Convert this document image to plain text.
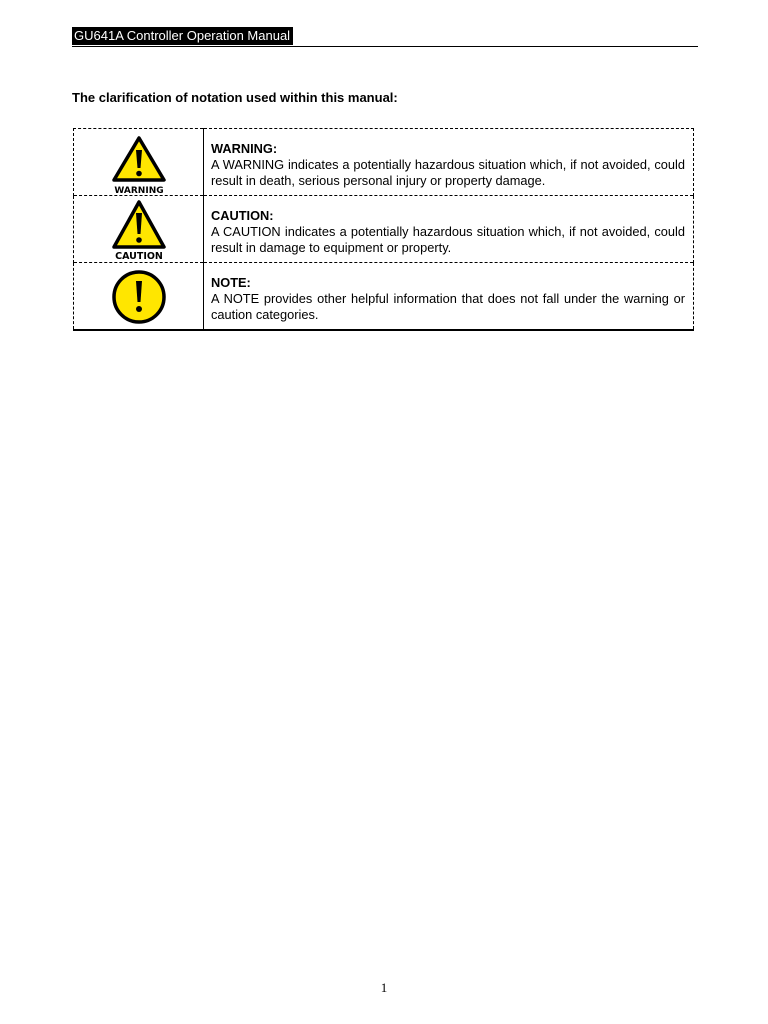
GU641A Controller Operation Manual
The clarification of notation used within this manual:
WARNING	WARNING:
A WARNING indicates a potentially hazardous situation which, if not avoided, could result in death, serious personal injury or property damage.

CAUTION	CAUTION:
A CAUTION indicates a potentially hazardous situation which, if not avoided, could result in damage to equipment or property.

NOTE:
A NOTE provides other helpful information that does not fall under the warning or caution categories.
1
